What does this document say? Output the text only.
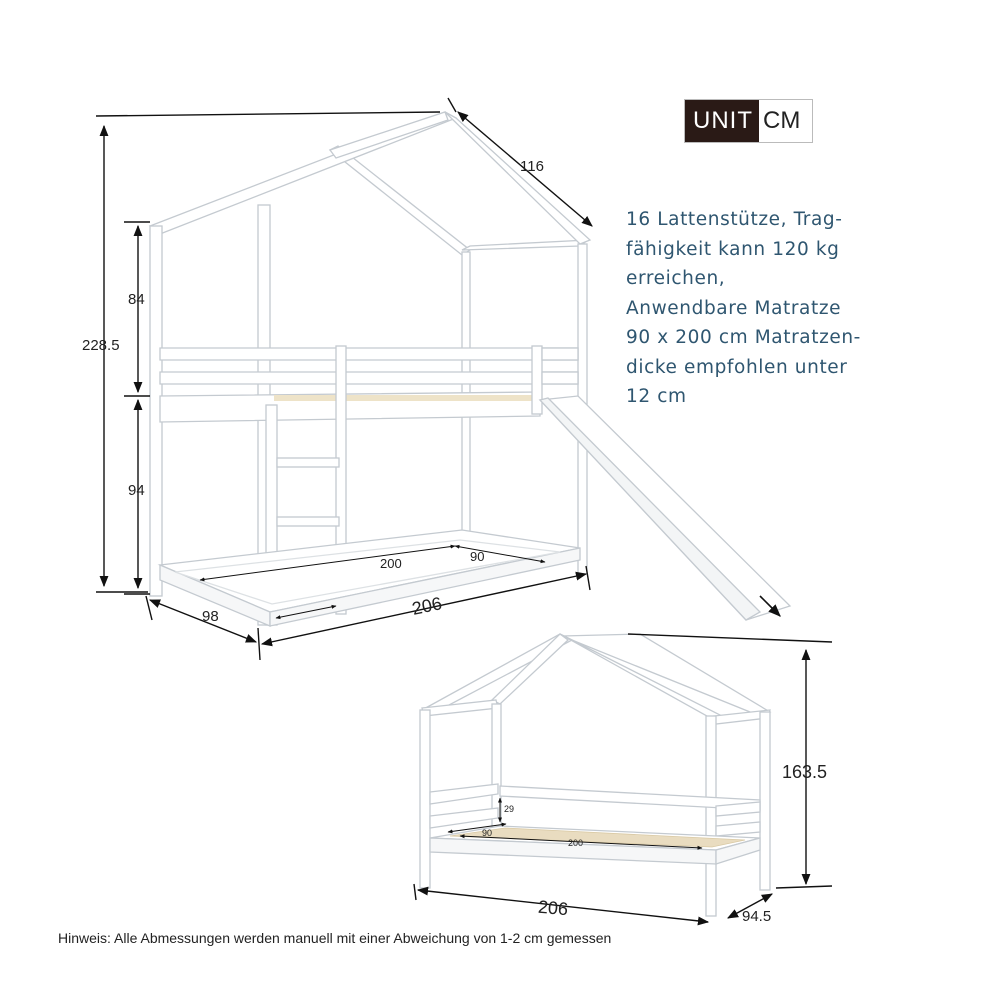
UNIT CM
16 Lattenstütze, Trag-
fähigkeit kann 120 kg
erreichen,
Anwendbare Matratze
90 x 200 cm Matratzen-
dicke empfohlen unter
12 cm
116
84
228.5
94
200	90
98	206
163.5
29
90
200
206	94.5
Hinweis: Alle Abmessungen werden manuell mit einer Abweichung von 1-2 cm gemessen
